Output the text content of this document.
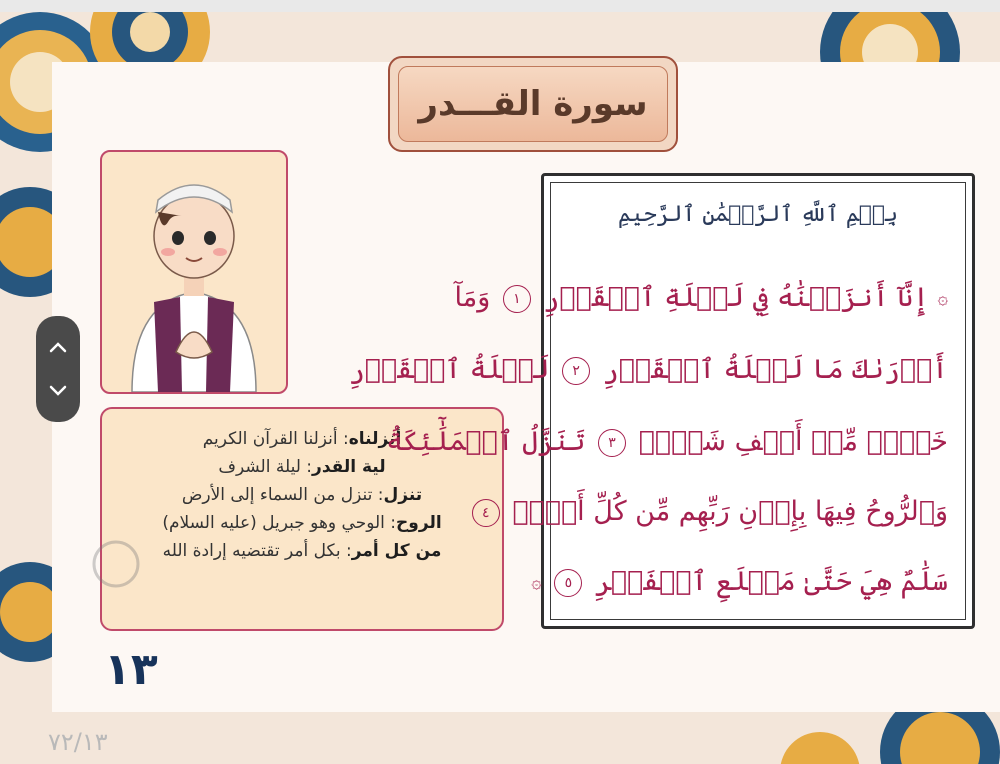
سورة القـــدر
أنزلناه: أنزلنا القرآن الكريم
لية القدر: ليلة الشرف
تنزل: تنزل من السماء إلى الأرض
الروح: الوحي وهو جبريل (عليه السلام)
من كل أمر: بكل أمر تقتضيه إرادة الله
بِسۡمِ ٱللَّهِ ٱلرَّحۡمَٰنِ ٱلرَّحِيمِ
۞ إِنَّآ أَنزَلۡنَٰهُ فِي لَيۡلَةِ ٱلۡقَدۡرِ ١ وَمَآ
أَدۡرَىٰكَ مَا لَيۡلَةُ ٱلۡقَدۡرِ ٢ لَيۡلَةُ ٱلۡقَدۡرِ
خَيۡرٞ مِّنۡ أَلۡفِ شَهۡرٖ ٣ تَنَزَّلُ ٱلۡمَلَٰٓئِكَةُ
وَٱلرُّوحُ فِيهَا بِإِذۡنِ رَبِّهِم مِّن كُلِّ أَمۡرٖ ٤
سَلَٰمٌ هِيَ حَتَّىٰ مَطۡلَعِ ٱلۡفَجۡرِ ٥ ۞
١٣
٧٢/١٣
